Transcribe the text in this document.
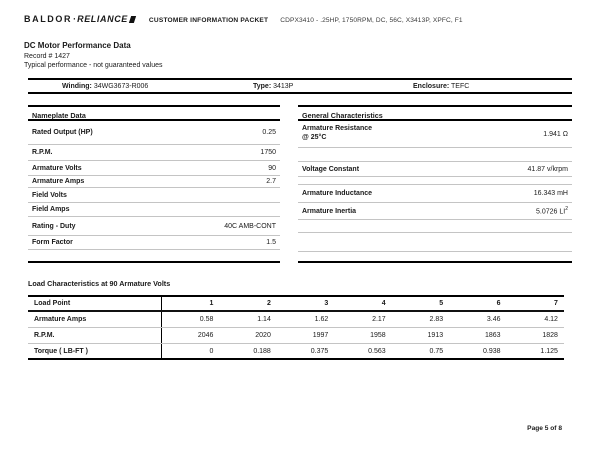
BALDOR · RELIANCE	CUSTOMER INFORMATION PACKET CDPX3410 - .25HP, 1750RPM, DC, 56C, X3413P, XPFC, F1
DC Motor Performance Data
Record # 1427
Typical performance - not guaranteed values
Winding: 34WG3673-R006	Type: 3413P	Enclosure: TEFC
Nameplate Data
Rated Output (HP)	0.25
R.P.M.	1750
Armature Volts	90
Armature Amps	2.7
Field Volts
Field Amps
Rating - Duty	40C AMB-CONT
Form Factor	1.5
General Characteristics
Armature Resistance
@ 25°C	1.941 Ω
Voltage Constant	41.87 v/krpm
Armature Inductance	16.343 mH
Armature Inertia	5.0726 $LI^2$
Load Characteristics at 90 Armature Volts
Load Point	1	2	3	4	5	6	7
Armature Amps	0.58	1.14	1.62	2.17	2.83	3.46	4.12
R.P.M.	2046	2020	1997	1958	1913	1863	1828
Torque ( LB-FT )	0	0.188	0.375	0.563	0.75	0.938	1.125
Page 5 of 8
